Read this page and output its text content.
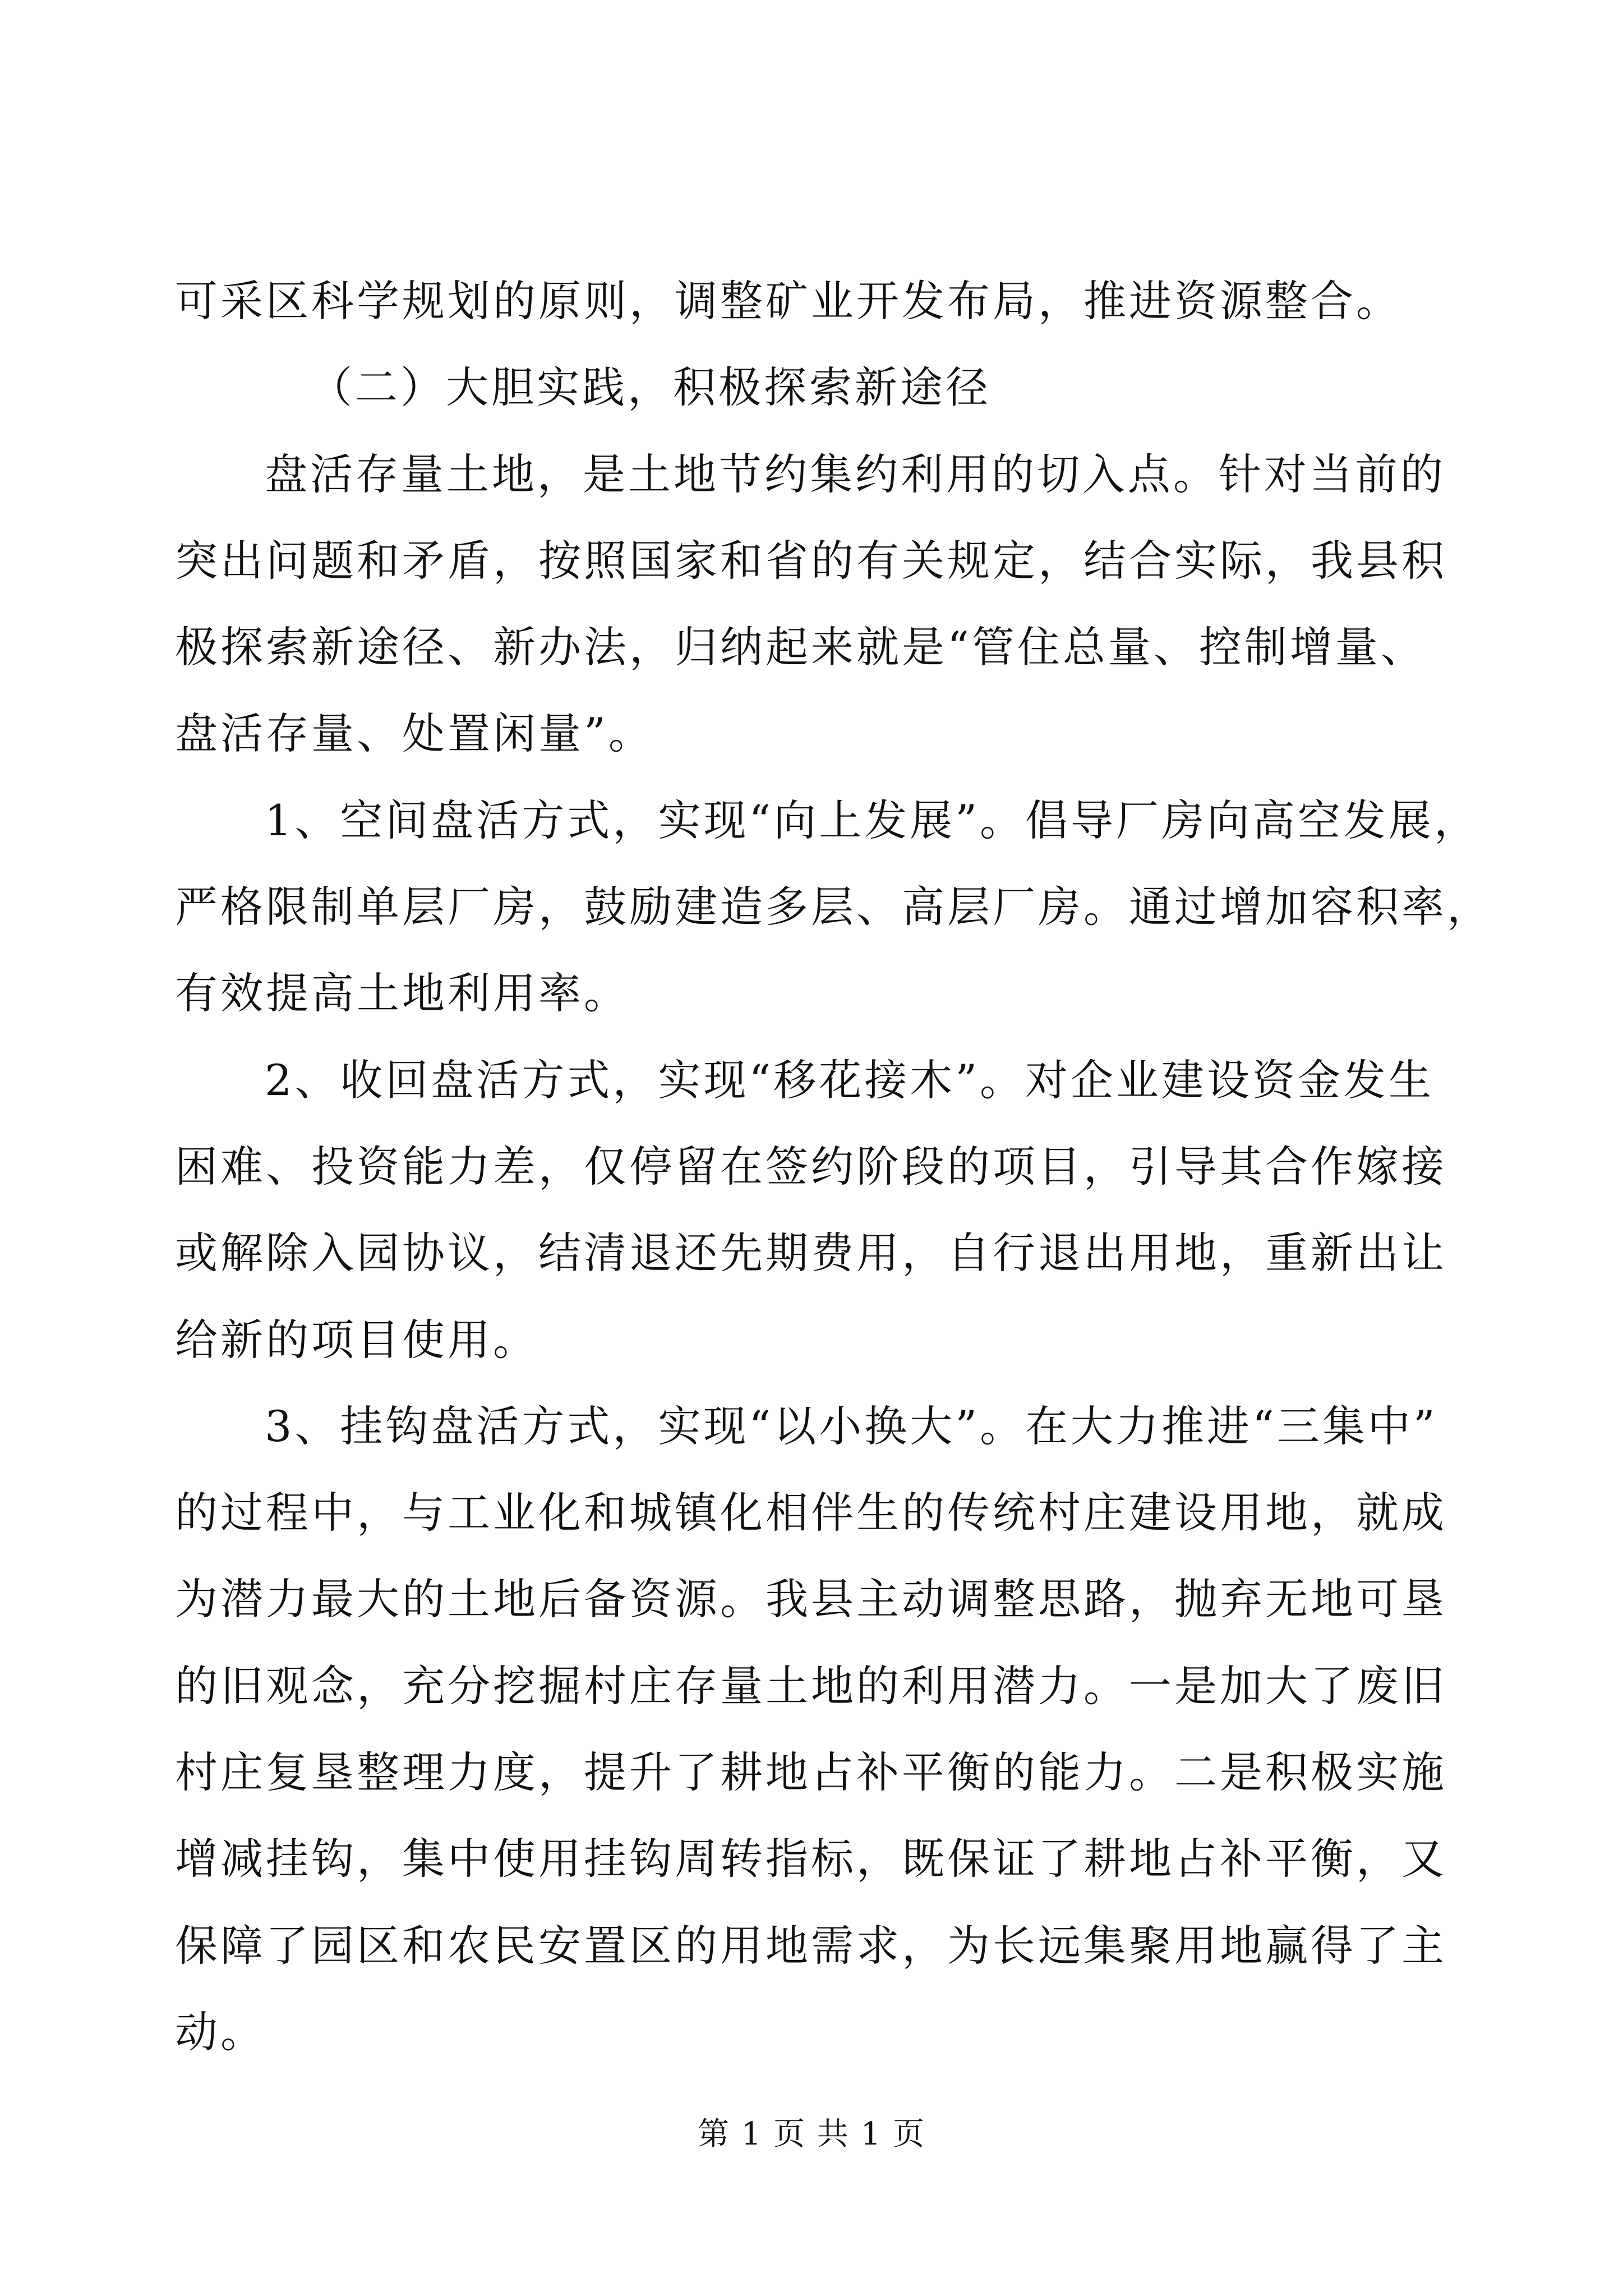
可采区科学规划的原则，调整矿业开发布局，推进资源整合。
（二）大胆实践，积极探索新途径
盘活存量土地，是土地节约集约利用的切入点。针对当前的
突出问题和矛盾，按照国家和省的有关规定，结合实际，我县积
极探索新途径、新办法，归纳起来就是“管住总量、控制增量、
盘活存量、处置闲量”。
1、空间盘活方式，实现“向上发展”。倡导厂房向高空发展，
严格限制单层厂房，鼓励建造多层、高层厂房。通过增加容积率，
有效提高土地利用率。
2、收回盘活方式，实现“移花接木”。对企业建设资金发生
困难、投资能力差，仅停留在签约阶段的项目，引导其合作嫁接
或解除入园协议，结清退还先期费用，自行退出用地，重新出让
给新的项目使用。
3、挂钩盘活方式，实现“以小换大”。在大力推进“三集中”
的过程中，与工业化和城镇化相伴生的传统村庄建设用地，就成
为潜力最大的土地后备资源。我县主动调整思路，抛弃无地可垦
的旧观念，充分挖掘村庄存量土地的利用潜力。一是加大了废旧
村庄复垦整理力度，提升了耕地占补平衡的能力。二是积极实施
增减挂钩，集中使用挂钩周转指标，既保证了耕地占补平衡，又
保障了园区和农民安置区的用地需求，为长远集聚用地赢得了主
动。
第 1 页 共 1 页
